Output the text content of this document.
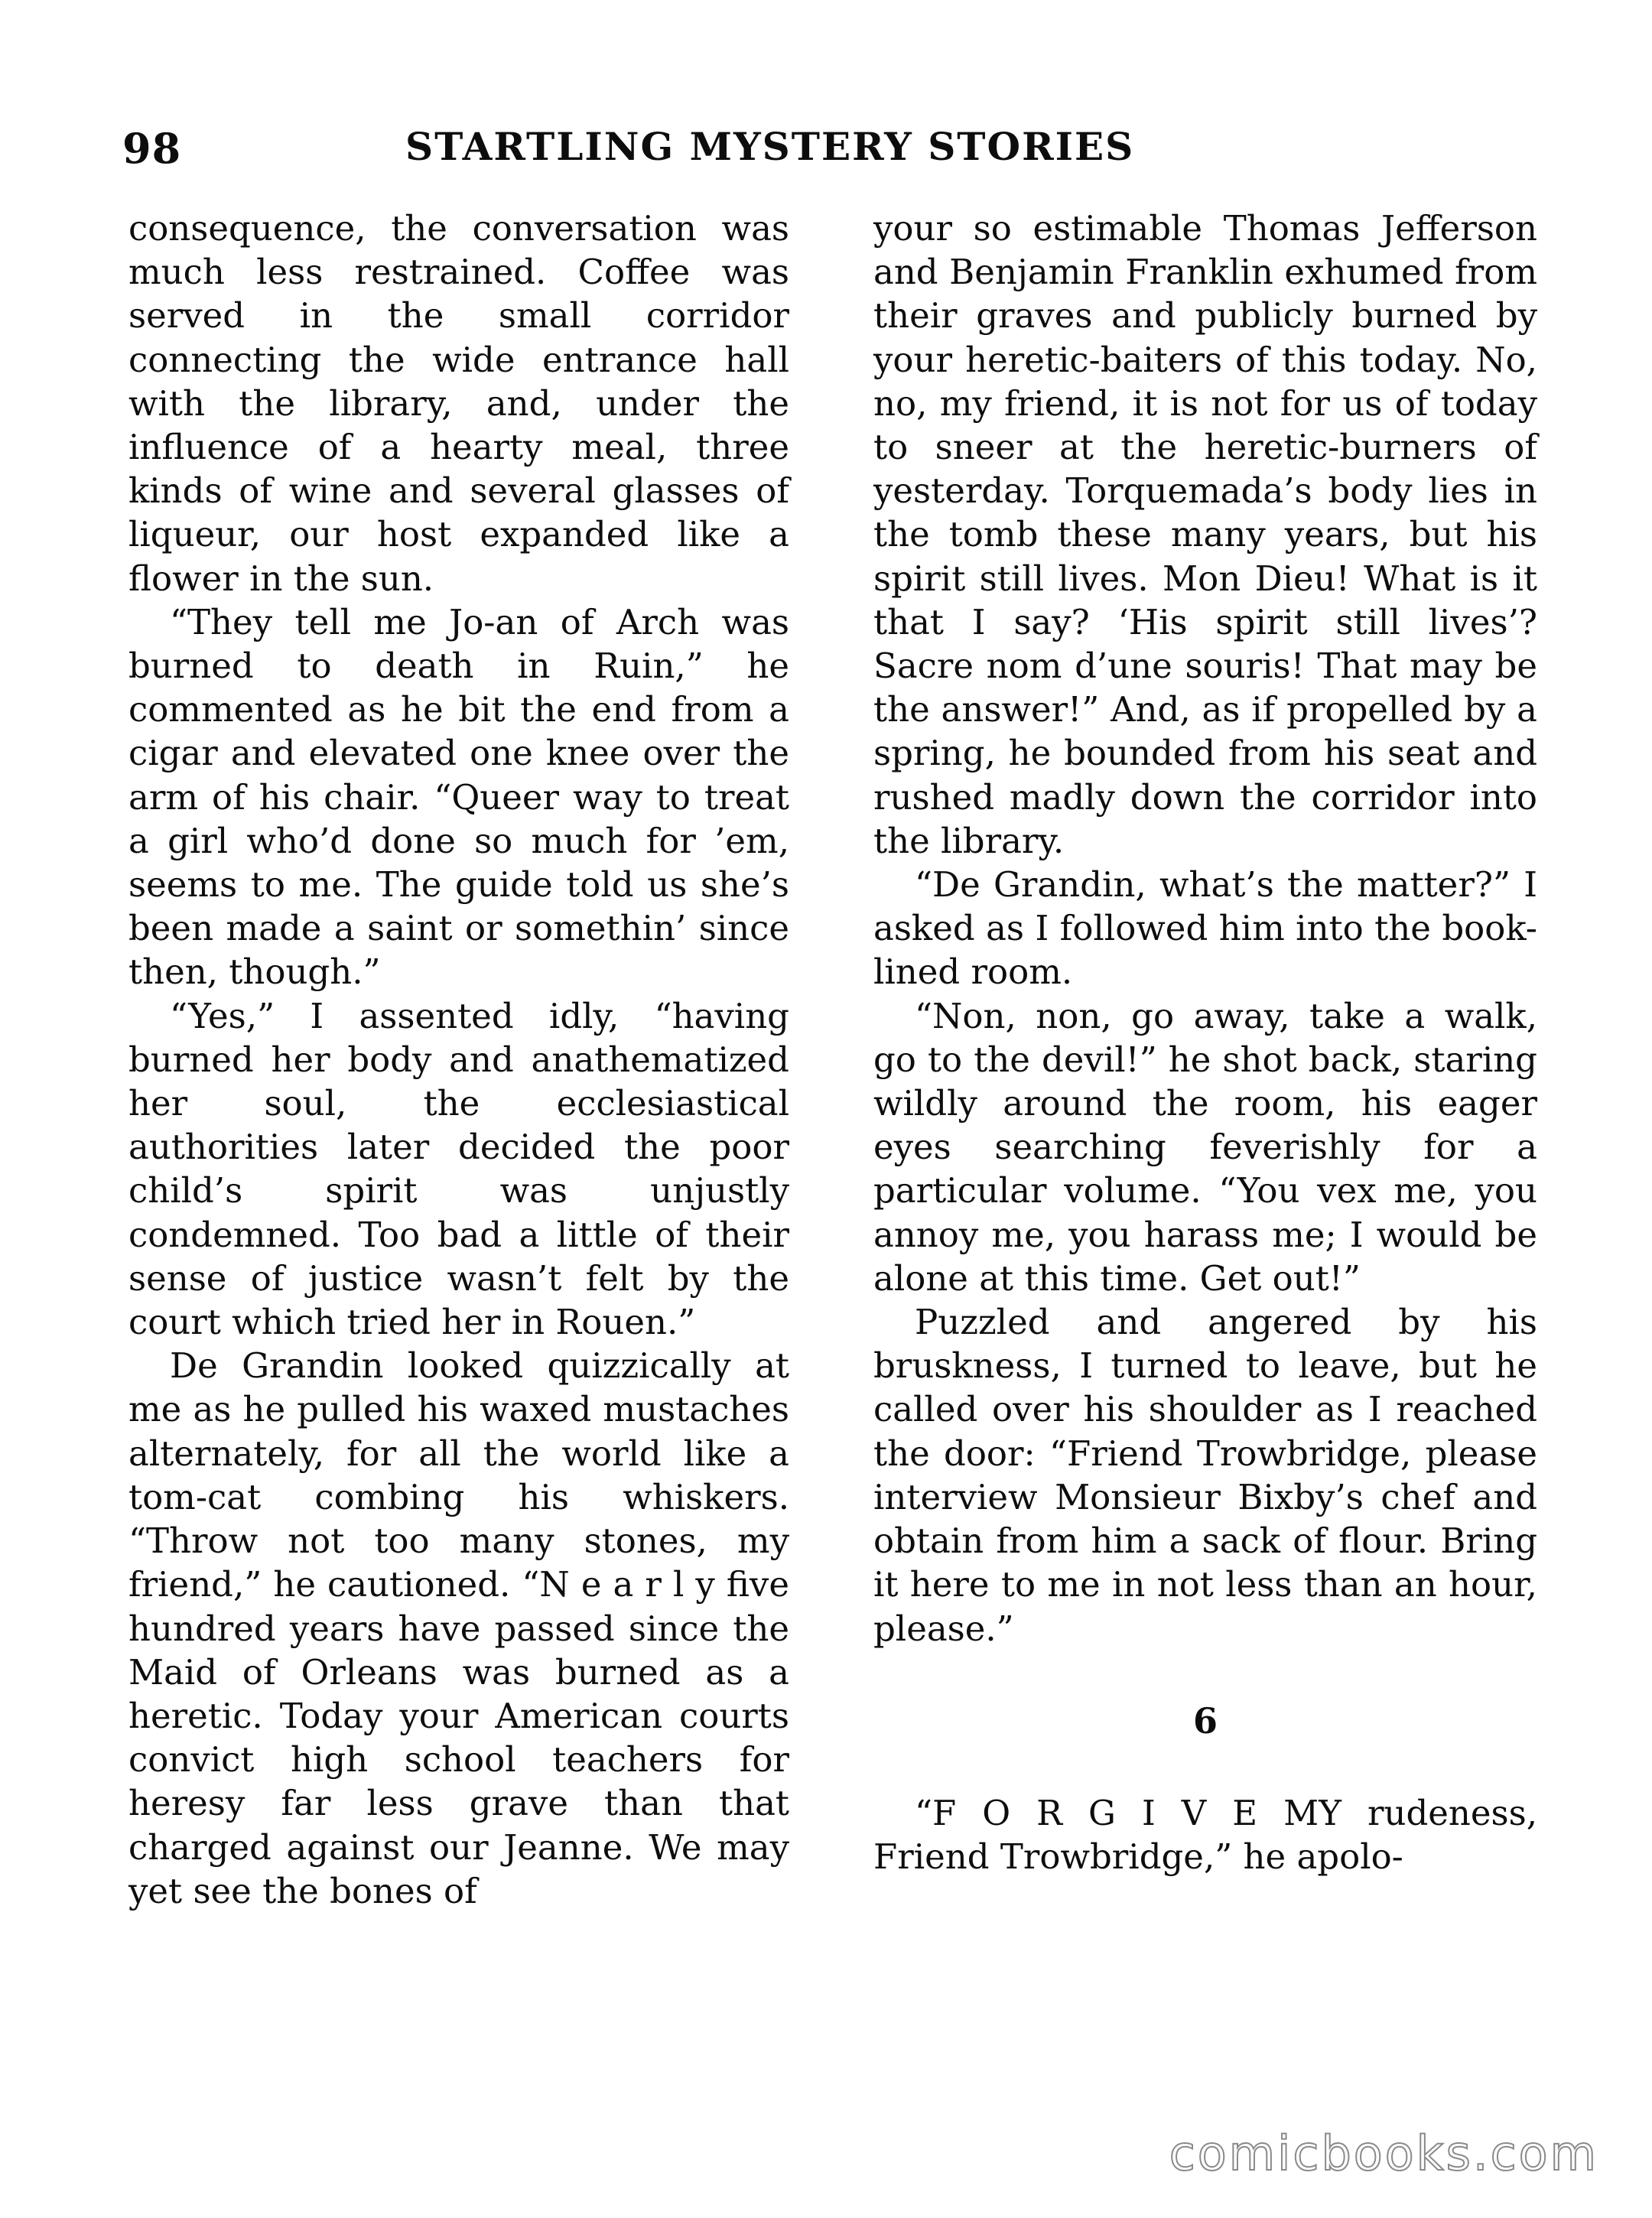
98	STARTLING MYSTERY STORIES

consequence, the conversation was much less restrained. Coffee was served in the small corridor connecting the wide entrance hall with the library, and, under the influence of a hearty meal, three kinds of wine and several glasses of liqueur, our host expanded like a flower in the sun.

“They tell me Jo-an of Arch was burned to death in Ruin,” he commented as he bit the end from a cigar and elevated one knee over the arm of his chair. “Queer way to treat a girl who’d done so much for ’em, seems to me. The guide told us she’s been made a saint or somethin’ since then, though.”

“Yes,” I assented idly, “having burned her body and anathematized her soul, the ecclesiastical authorities later decided the poor child’s spirit was unjustly condemned. Too bad a little of their sense of justice wasn’t felt by the court which tried her in Rouen.”

De Grandin looked quizzically at me as he pulled his waxed mustaches alternately, for all the world like a tom-cat combing his whiskers. “Throw not too many stones, my friend,” he cautioned. “N e a r l y five hundred years have passed since the Maid of Orleans was burned as a heretic. Today your American courts convict high school teachers for heresy far less grave than that charged against our Jeanne. We may yet see the bones of

your so estimable Thomas Jefferson and Benjamin Franklin exhumed from their graves and publicly burned by your heretic-baiters of this today. No, no, my friend, it is not for us of today to sneer at the heretic-burners of yesterday. Torquemada’s body lies in the tomb these many years, but his spirit still lives. Mon Dieu! What is it that I say? ‘His spirit still lives’? Sacre nom d’une souris! That may be the answer!” And, as if propelled by a spring, he bounded from his seat and rushed madly down the corridor into the library.

“De Grandin, what’s the matter?” I asked as I followed him into the book-lined room.

“Non, non, go away, take a walk, go to the devil!” he shot back, staring wildly around the room, his eager eyes searching feverishly for a particular volume. “You vex me, you annoy me, you harass me; I would be alone at this time. Get out!”

Puzzled and angered by his bruskness, I turned to leave, but he called over his shoulder as I reached the door: “Friend Trowbridge, please interview Monsieur Bixby’s chef and obtain from him a sack of flour. Bring it here to me in not less than an hour, please.”

6

“F O R G I V E MY rudeness, Friend Trowbridge,” he apolo-

comicbooks.com
